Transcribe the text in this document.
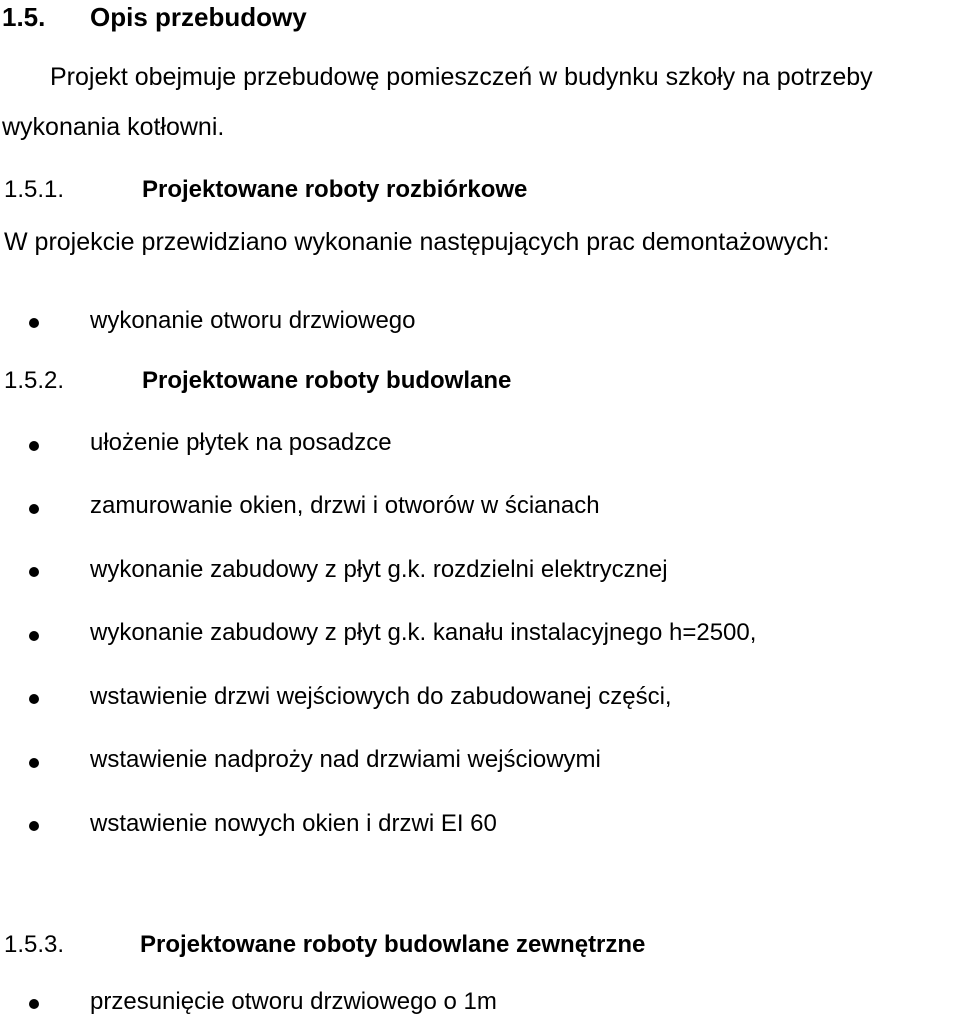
1.5. Opis przebudowy
Projekt obejmuje przebudowę pomieszczeń w budynku szkoły na potrzeby
wykonania kotłowni.
1.5.1.	Projektowane roboty rozbiórkowe
W projekcie przewidziano wykonanie następujących prac demontażowych:
wykonanie otworu drzwiowego
1.5.2.	Projektowane roboty budowlane
ułożenie płytek na posadzce
zamurowanie okien, drzwi i otworów w ścianach
wykonanie zabudowy z płyt g.k. rozdzielni elektrycznej
wykonanie zabudowy z płyt g.k. kanału instalacyjnego h=2500,
wstawienie drzwi wejściowych do zabudowanej części,
wstawienie nadproży nad drzwiami wejściowymi
wstawienie nowych okien i drzwi EI 60
1.5.3.	Projektowane roboty budowlane zewnętrzne
przesunięcie otworu drzwiowego o 1m
